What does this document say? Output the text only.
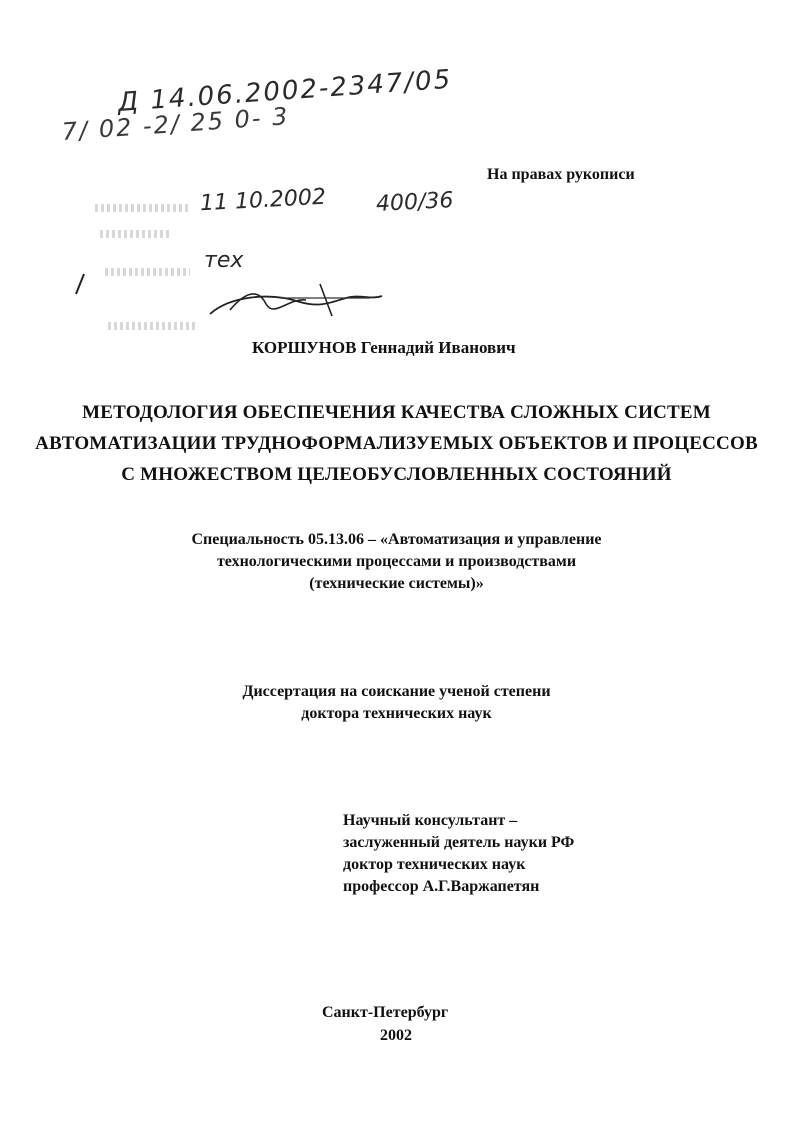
Д 14.06.2002-2347/05
7/ 02 -2/ 25 0- 3
11 10.2002 400/36
тех
На правах рукописи
КОРШУНОВ Геннадий Иванович
МЕТОДОЛОГИЯ ОБЕСПЕЧЕНИЯ КАЧЕСТВА СЛОЖНЫХ СИСТЕМ
АВТОМАТИЗАЦИИ ТРУДНОФОРМАЛИЗУЕМЫХ ОБЪЕКТОВ И ПРОЦЕССОВ
С МНОЖЕСТВОМ ЦЕЛЕОБУСЛОВЛЕННЫХ СОСТОЯНИЙ
Специальность 05.13.06 – «Автоматизация и управление
технологическими процессами и производствами
(технические системы)»
Диссертация на соискание ученой степени
доктора технических наук
Научный консультант –
заслуженный деятель науки РФ
доктор технических наук
профессор А.Г.Варжапетян
Санкт-Петербург
2002
